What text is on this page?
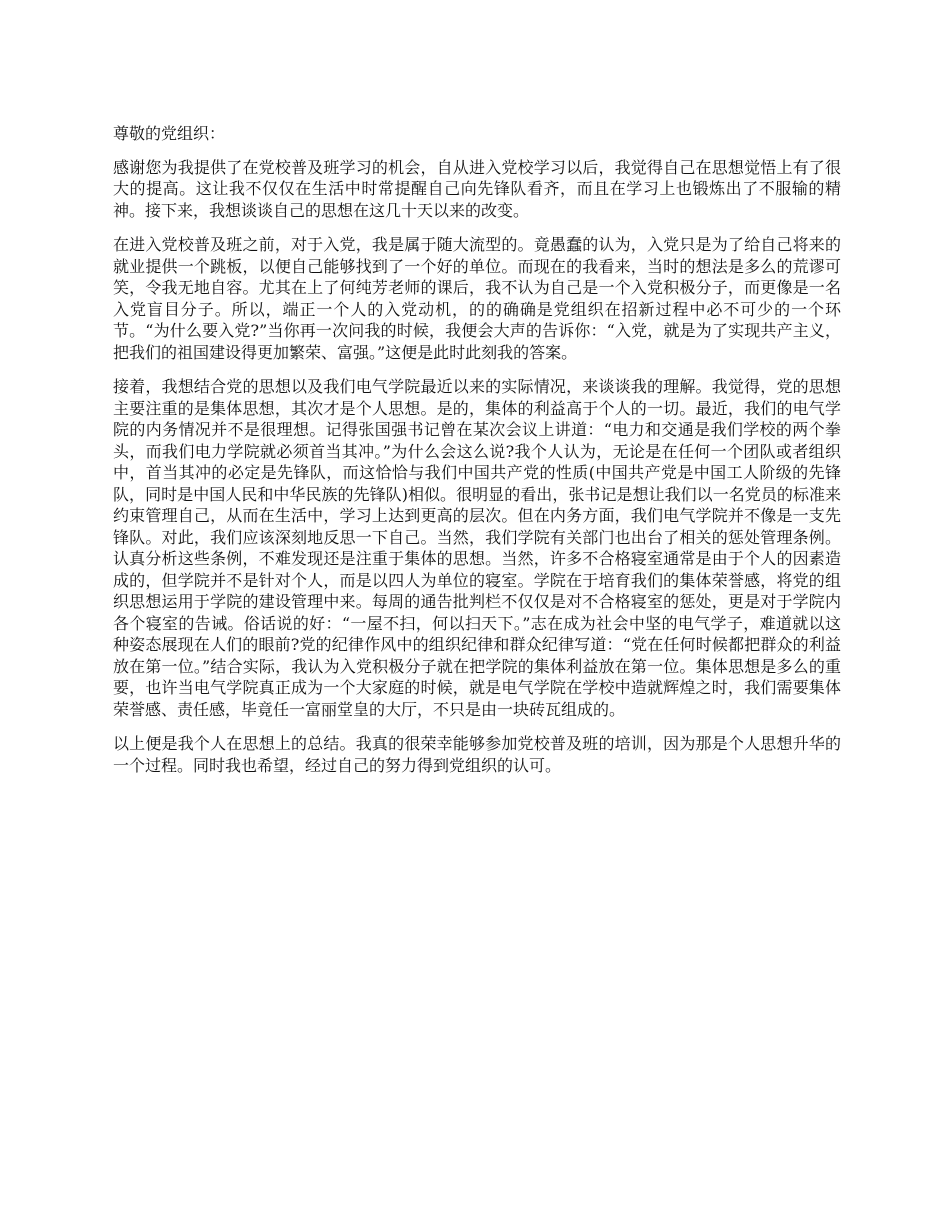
尊敬的党组织：

感谢您为我提供了在党校普及班学习的机会，自从进入党校学习以后，我觉得自己在思想觉悟上有了很大的提高。这让我不仅仅在生活中时常提醒自己向先锋队看齐，而且在学习上也锻炼出了不服输的精神。接下来，我想谈谈自己的思想在这几十天以来的改变。

在进入党校普及班之前，对于入党，我是属于随大流型的。竟愚蠢的认为，入党只是为了给自己将来的就业提供一个跳板，以便自己能够找到了一个好的单位。而现在的我看来，当时的想法是多么的荒谬可笑，令我无地自容。尤其在上了何纯芳老师的课后，我不认为自己是一个入党积极分子，而更像是一名入党盲目分子。所以，端正一个人的入党动机，的的确确是党组织在招新过程中必不可少的一个环节。“为什么要入党?”当你再一次问我的时候，我便会大声的告诉你：“入党，就是为了实现共产主义，把我们的祖国建设得更加繁荣、富强。”这便是此时此刻我的答案。

接着，我想结合党的思想以及我们电气学院最近以来的实际情况，来谈谈我的理解。我觉得，党的思想主要注重的是集体思想，其次才是个人思想。是的，集体的利益高于个人的一切。最近，我们的电气学院的内务情况并不是很理想。记得张国强书记曾在某次会议上讲道：“电力和交通是我们学校的两个拳头，而我们电力学院就必须首当其冲。”为什么会这么说?我个人认为，无论是在任何一个团队或者组织中，首当其冲的必定是先锋队，而这恰恰与我们中国共产党的性质(中国共产党是中国工人阶级的先锋队，同时是中国人民和中华民族的先锋队)相似。很明显的看出，张书记是想让我们以一名党员的标准来约束管理自己，从而在生活中，学习上达到更高的层次。但在内务方面，我们电气学院并不像是一支先锋队。对此，我们应该深刻地反思一下自己。当然，我们学院有关部门也出台了相关的惩处管理条例。认真分析这些条例，不难发现还是注重于集体的思想。当然，许多不合格寝室通常是由于个人的因素造成的，但学院并不是针对个人，而是以四人为单位的寝室。学院在于培育我们的集体荣誉感，将党的组织思想运用于学院的建设管理中来。每周的通告批判栏不仅仅是对不合格寝室的惩处，更是对于学院内各个寝室的告诫。俗话说的好：“一屋不扫，何以扫天下。”志在成为社会中坚的电气学子，难道就以这种姿态展现在人们的眼前?党的纪律作风中的组织纪律和群众纪律写道：“党在任何时候都把群众的利益放在第一位。”结合实际，我认为入党积极分子就在把学院的集体利益放在第一位。集体思想是多么的重要，也许当电气学院真正成为一个大家庭的时候，就是电气学院在学校中造就辉煌之时，我们需要集体荣誉感、责任感，毕竟任一富丽堂皇的大厅，不只是由一块砖瓦组成的。

以上便是我个人在思想上的总结。我真的很荣幸能够参加党校普及班的培训，因为那是个人思想升华的一个过程。同时我也希望，经过自己的努力得到党组织的认可。
